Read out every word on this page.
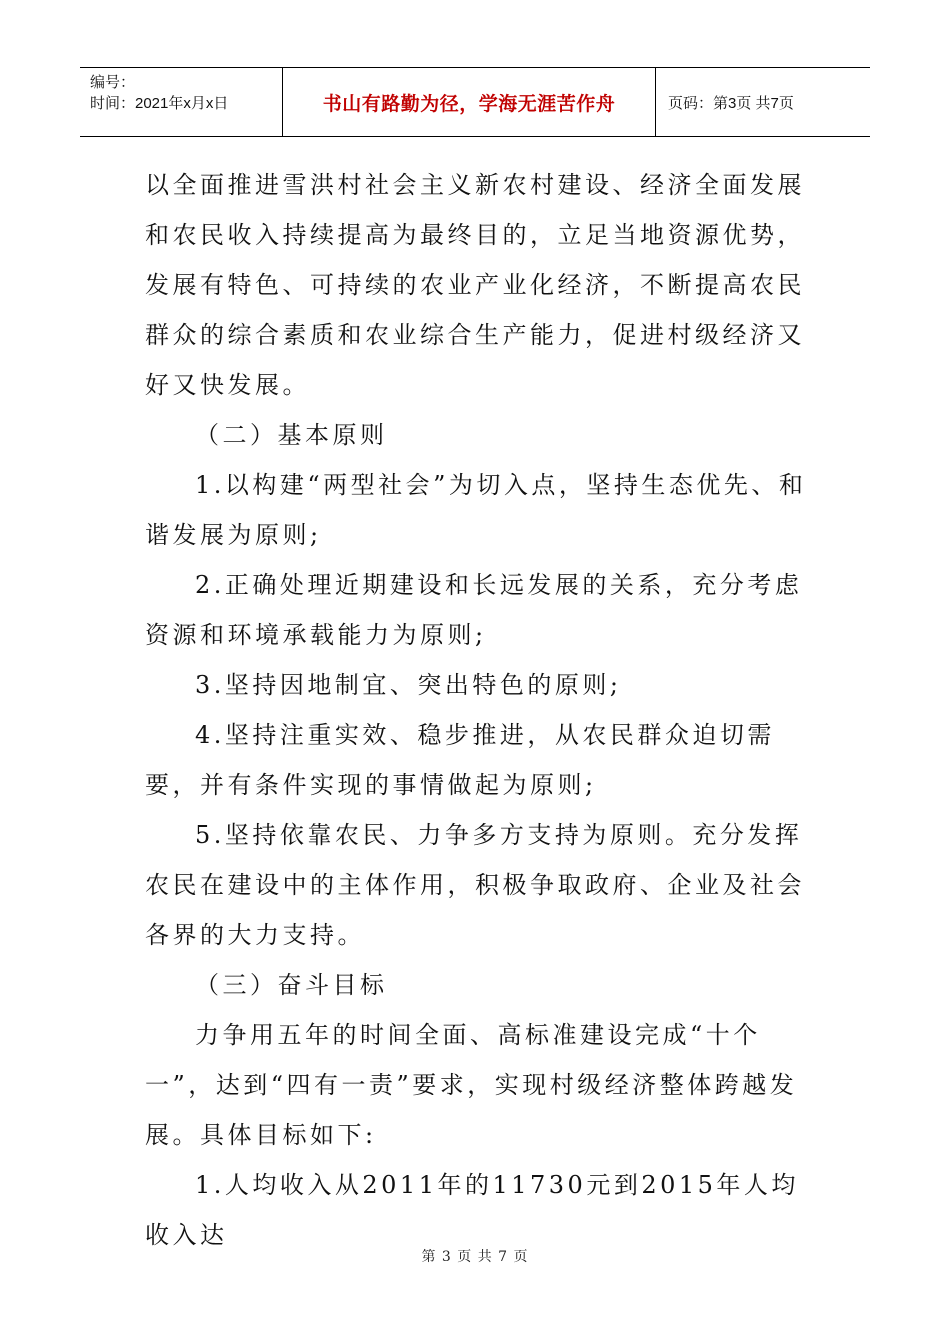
编号：
时间：2021年x月x日	书山有路勤为径，学海无涯苦作舟	页码：第3页 共7页

以全面推进雪洪村社会主义新农村建设、经济全面发展和农民收入持续提高为最终目的，立足当地资源优势，发展有特色、可持续的农业产业化经济，不断提高农民群众的综合素质和农业综合生产能力，促进村级经济又好又快发展。

（二）基本原则

1.以构建“两型社会”为切入点，坚持生态优先、和谐发展为原则;

2.正确处理近期建设和长远发展的关系，充分考虑资源和环境承载能力为原则;

3.坚持因地制宜、突出特色的原则;

4.坚持注重实效、稳步推进，从农民群众迫切需要，并有条件实现的事情做起为原则;

5.坚持依靠农民、力争多方支持为原则。充分发挥农民在建设中的主体作用，积极争取政府、企业及社会各界的大力支持。

（三）奋斗目标

力争用五年的时间全面、高标准建设完成“十个一”，达到“四有一责”要求，实现村级经济整体跨越发展。具体目标如下:

1.人均收入从2011年的11730元到2015年人均收入达

第 3 页 共 7 页
